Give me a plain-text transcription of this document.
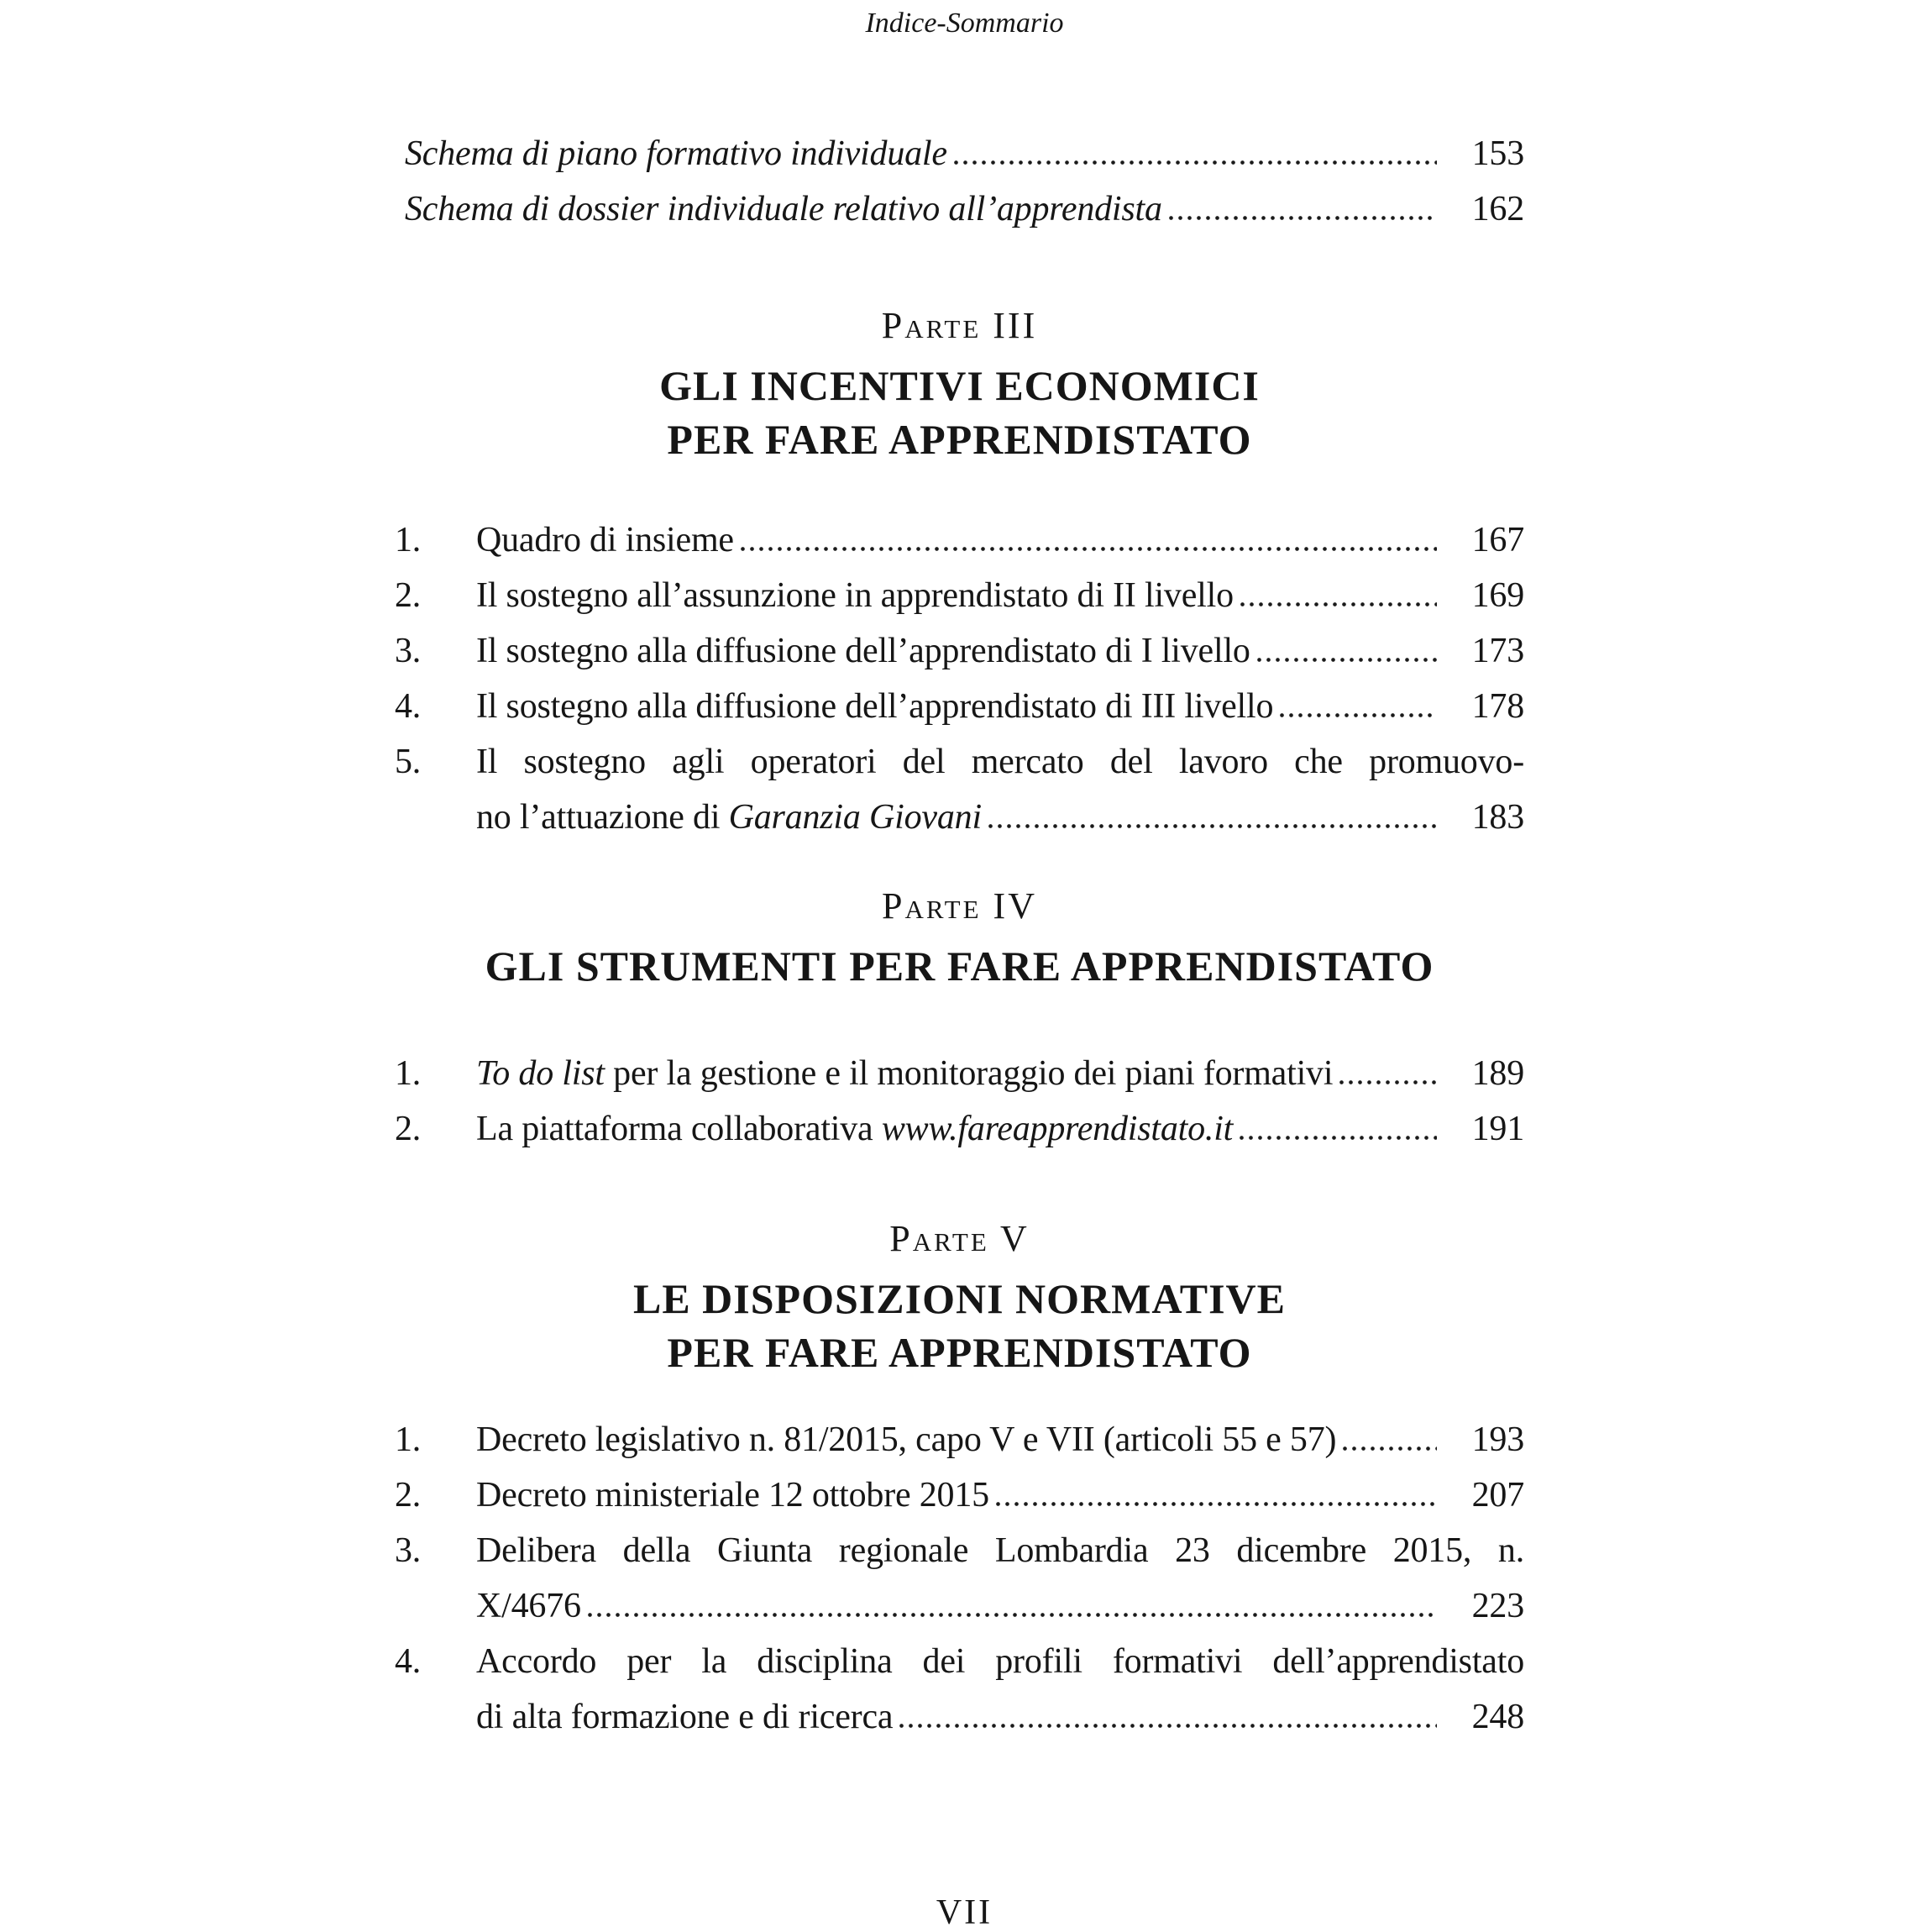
Indice-Sommario
Schema di piano formativo individuale	153
Schema di dossier individuale relativo all’apprendista	162
Parte III
GLI INCENTIVI ECONOMICI
PER FARE APPRENDISTATO
1.	Quadro di insieme	167
2.	Il sostegno all’assunzione in apprendistato di II livello	169
3.	Il sostegno alla diffusione dell’apprendistato di I livello	173
4.	Il sostegno alla diffusione dell’apprendistato di III livello	178
5.	Il sostegno agli operatori del mercato del lavoro che promuovo-
no l’attuazione di Garanzia Giovani	183
Parte IV
GLI STRUMENTI PER FARE APPRENDISTATO
1.	To do list per la gestione e il monitoraggio dei piani formativi	189
2.	La piattaforma collaborativa www.fareapprendistato.it	191
Parte V
LE DISPOSIZIONI NORMATIVE
PER FARE APPRENDISTATO
1.	Decreto legislativo n. 81/2015, capo V e VII (articoli 55 e 57)	193
2.	Decreto ministeriale 12 ottobre 2015	207
3.	Delibera della Giunta regionale Lombardia 23 dicembre 2015, n.
X/4676	223
4.	Accordo per la disciplina dei profili formativi dell’apprendistato
di alta formazione e di ricerca	248
VII
